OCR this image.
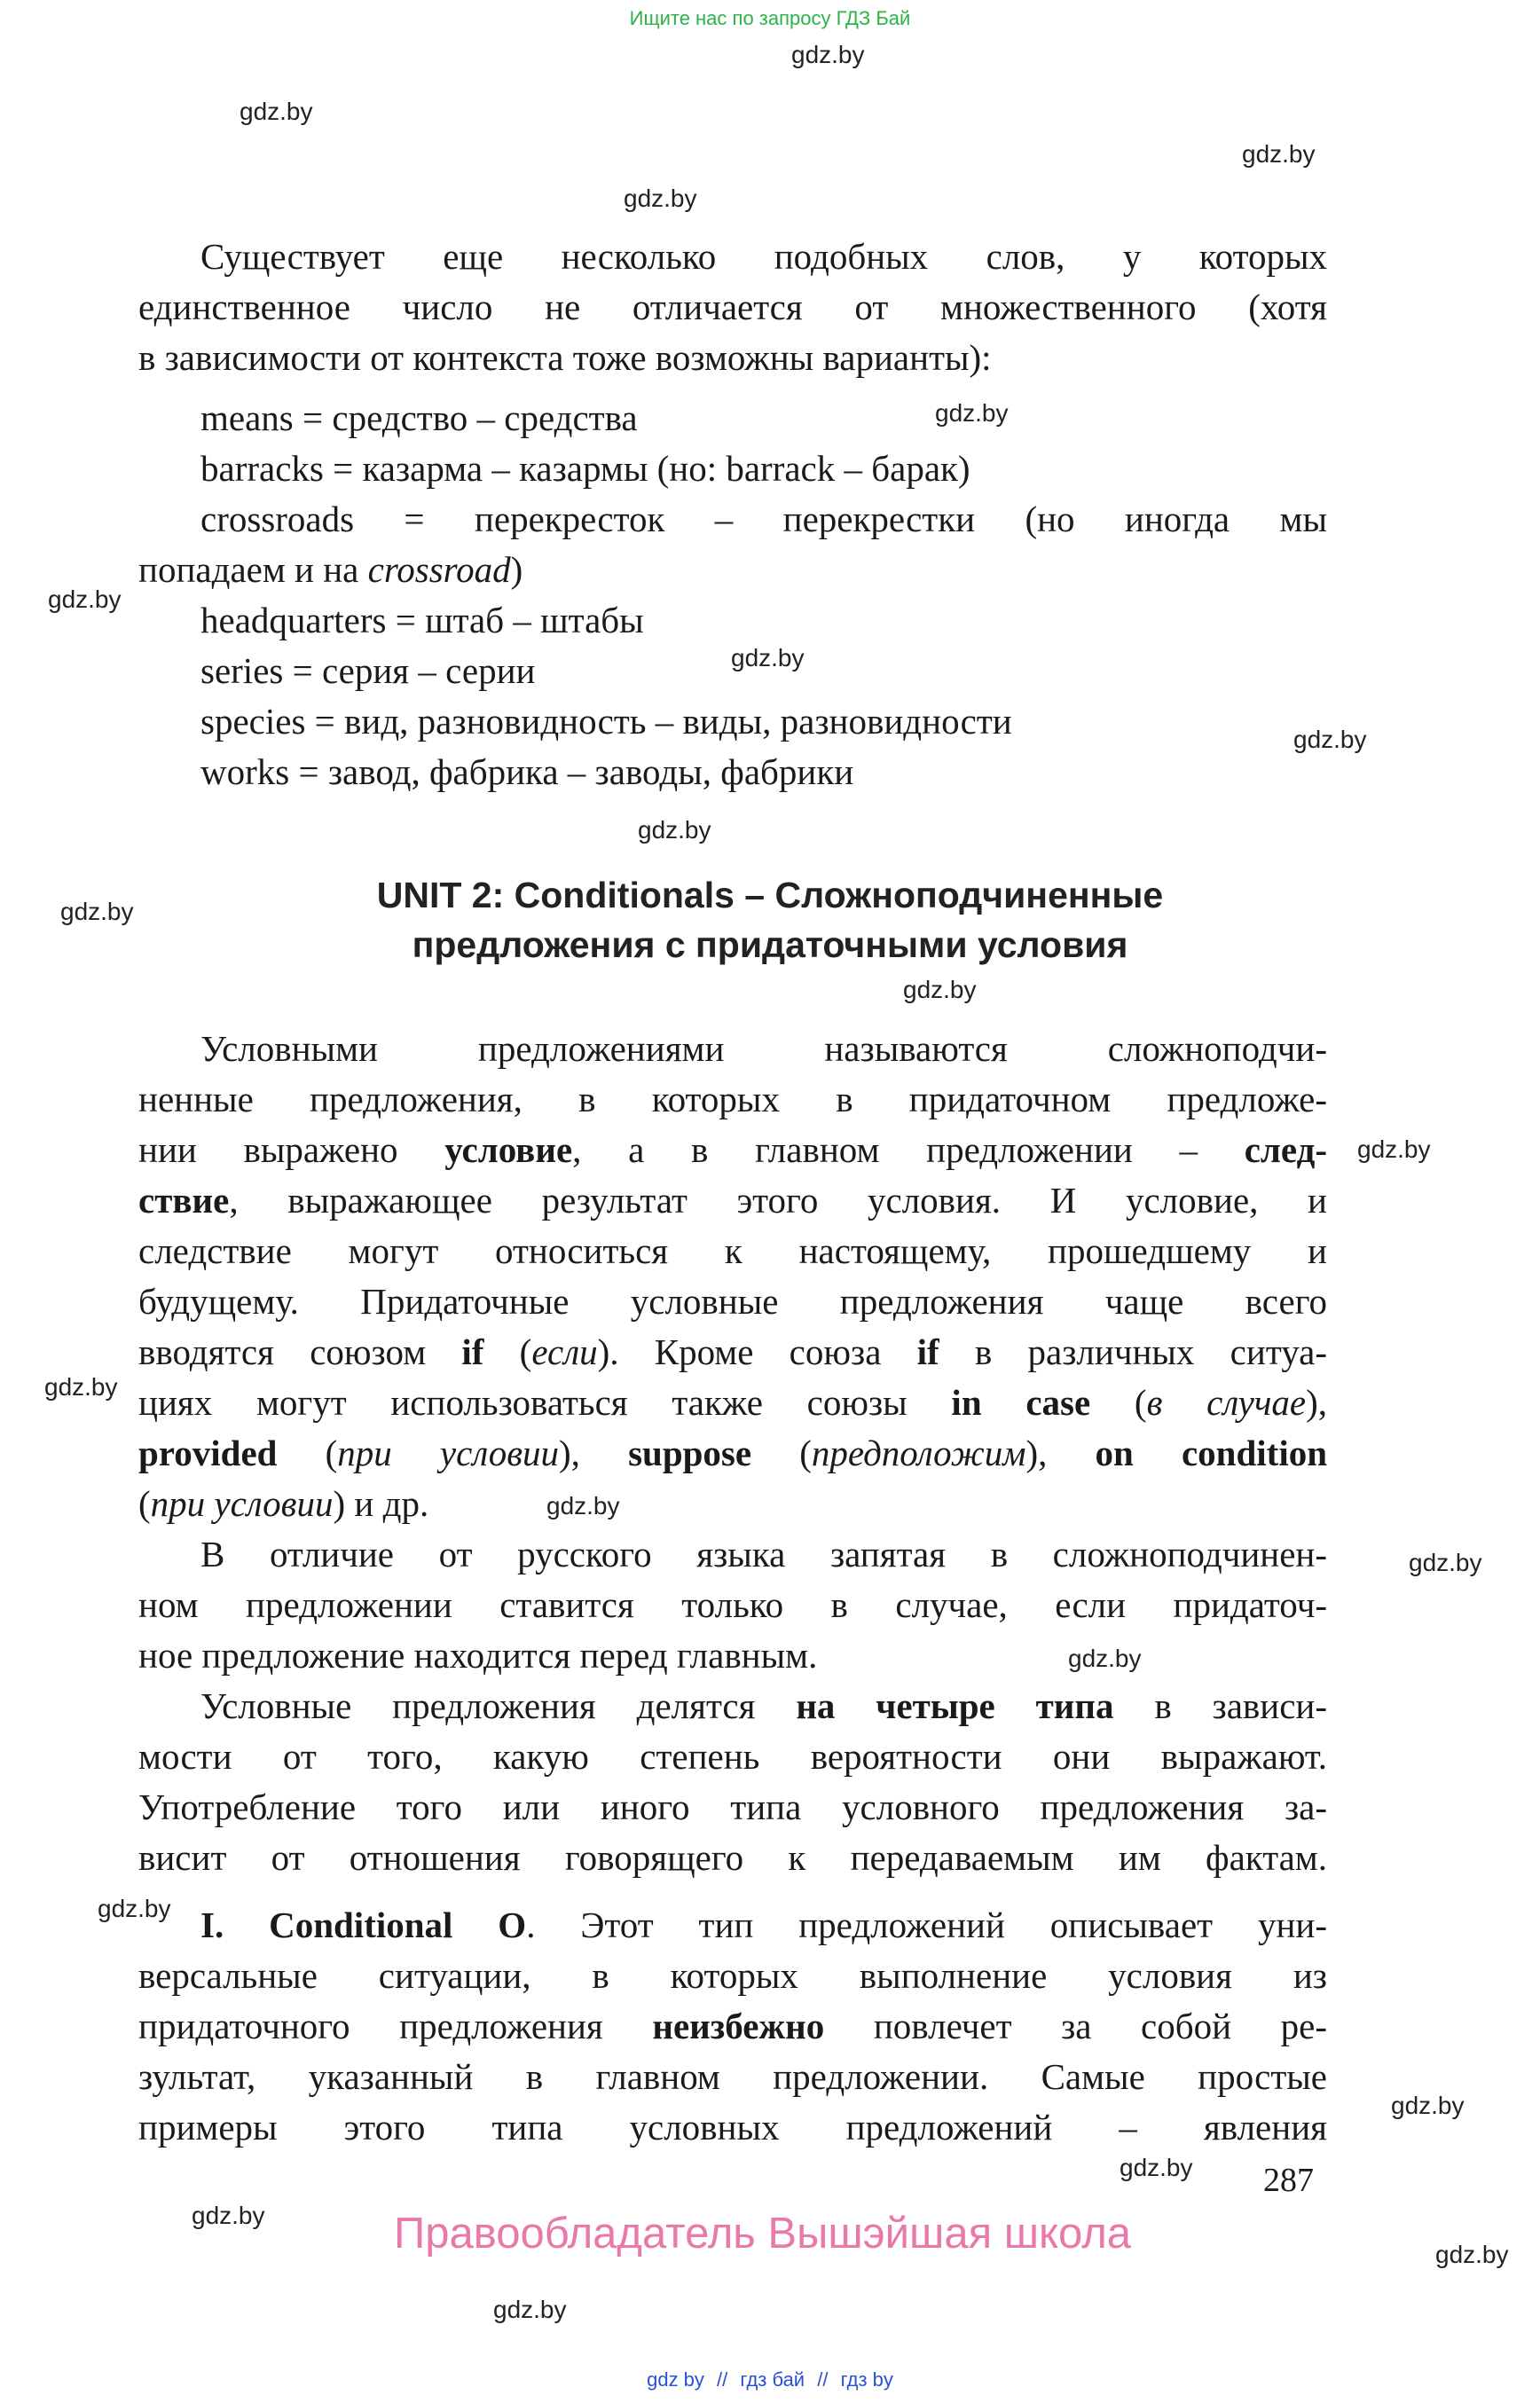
Ищите нас по запросу ГДЗ Бай
gdz.by
gdz.by
gdz.by
gdz.by
gdz.by
gdz.by
gdz.by
gdz.by
gdz.by
gdz.by
gdz.by
gdz.by
gdz.by
gdz.by
gdz.by
gdz.by
gdz.by
gdz.by
gdz.by
gdz.by
gdz.by
gdz.by
Существует еще несколько подобных слов, у которых
единственное число не отличается от множественного (хотя
в зависимости от контекста тоже возможны варианты):
means = средство – средства
barracks = казарма – казармы (но: barrack – барак)
crossroads = перекресток – перекрестки (но иногда мы
попадаем и на crossroad)
headquarters = штаб – штабы
series = серия – серии
species = вид, разновидность – виды, разновидности
works = завод, фабрика – заводы, фабрики
UNIT 2: Conditionals – Сложноподчиненные
предложения с придаточными условия
Условными предложениями называются сложноподчи-
ненные предложения, в которых в придаточном предложе-
нии выражено условие, а в главном предложении – след-
ствие, выражающее результат этого условия. И условие, и
следствие могут относиться к настоящему, прошедшему и
будущему. Придаточные условные предложения чаще всего
вводятся союзом if (если). Кроме союза if в различных ситуа-
циях могут использоваться также союзы in case (в случае),
provided (при условии), suppose (предположим), on condition
(при условии) и др.
В отличие от русского языка запятая в сложноподчинен-
ном предложении ставится только в случае, если придаточ-
ное предложение находится перед главным.
Условные предложения делятся на четыре типа в зависи-
мости от того, какую степень вероятности они выражают.
Употребление того или иного типа условного предложения за-
висит от отношения говорящего к передаваемым им фактам.
I. Conditional O. Этот тип предложений описывает уни-
версальные ситуации, в которых выполнение условия из
придаточного предложения неизбежно повлечет за собой ре-
зультат, указанный в главном предложении. Самые простые
примеры этого типа условных предложений – явления
287
Правообладатель Вышэйшая школа
gdz by // гдз бай // гдз by
